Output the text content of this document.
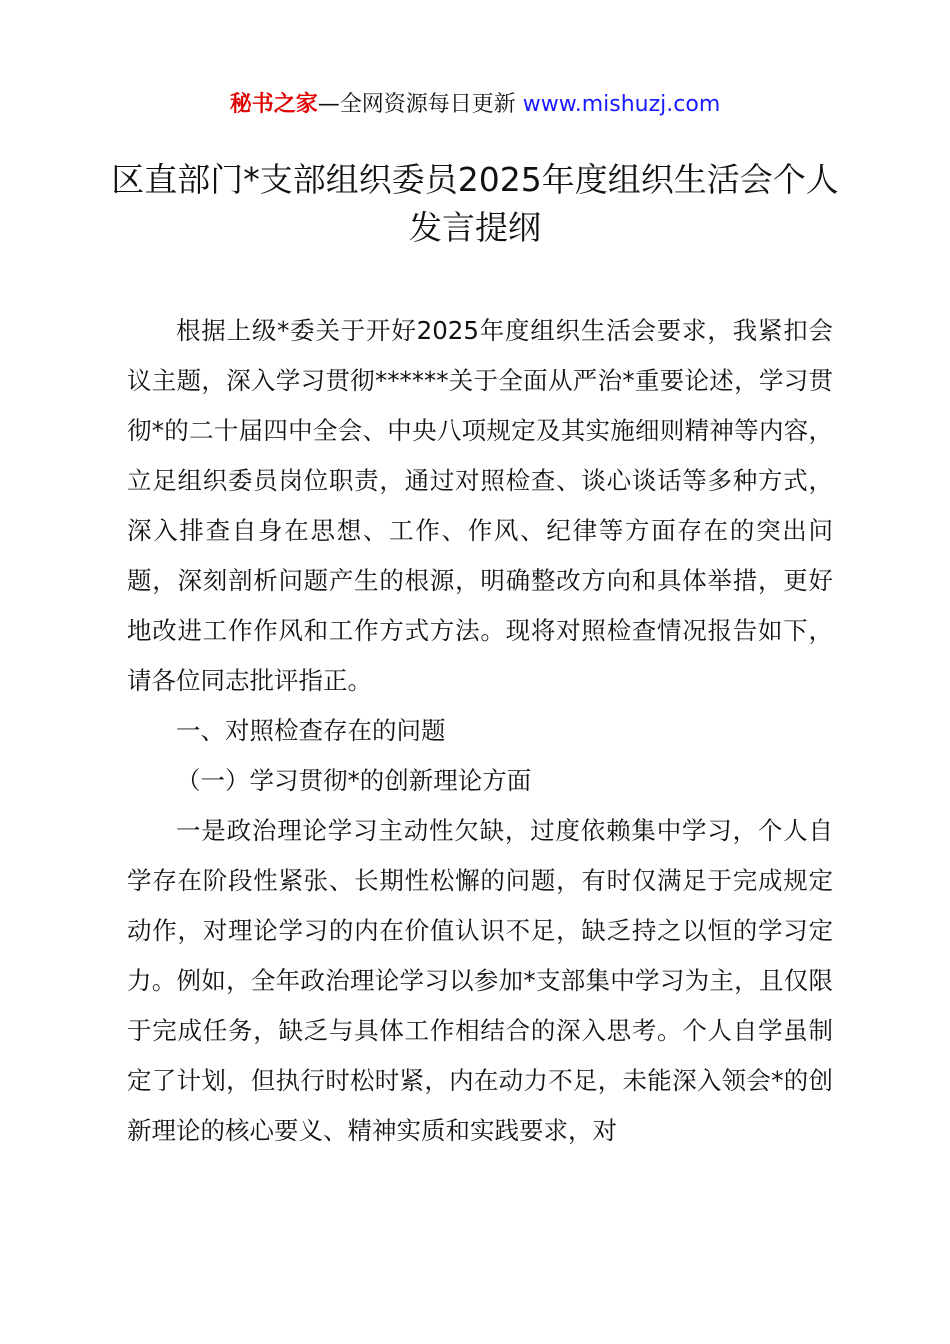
秘书之家—全网资源每日更新 www.mishuzj.com
区直部门*支部组织委员2025年度组织生活会个人发言提纲

根据上级*委关于开好2025年度组织生活会要求，我紧扣会议主题，深入学习贯彻******关于全面从严治*重要论述，学习贯彻*的二十届四中全会、中央八项规定及其实施细则精神等内容，立足组织委员岗位职责，通过对照检查、谈心谈话等多种方式，深入排查自身在思想、工作、作风、纪律等方面存在的突出问题，深刻剖析问题产生的根源，明确整改方向和具体举措，更好地改进工作作风和工作方式方法。现将对照检查情况报告如下，请各位同志批评指正。

一、对照检查存在的问题

（一）学习贯彻*的创新理论方面

一是政治理论学习主动性欠缺，过度依赖集中学习，个人自学存在阶段性紧张、长期性松懈的问题，有时仅满足于完成规定动作，对理论学习的内在价值认识不足，缺乏持之以恒的学习定力。例如，全年政治理论学习以参加*支部集中学习为主，且仅限于完成任务，缺乏与具体工作相结合的深入思考。个人自学虽制定了计划，但执行时松时紧，内在动力不足，未能深入领会*的创新理论的核心要义、精神实质和实践要求，对
